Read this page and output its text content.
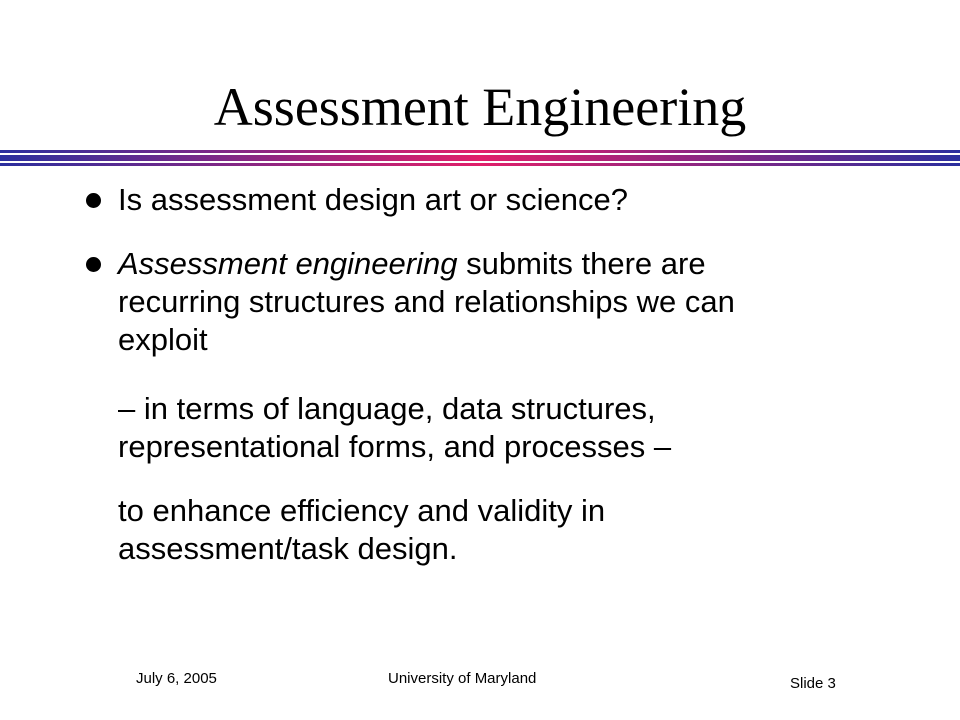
Assessment Engineering
Is assessment design art or science?
Assessment engineering submits there are
recurring structures and relationships we can
exploit
– in terms of language, data structures,
representational forms, and processes –
to enhance efficiency and validity in
assessment/task design.
July 6, 2005	University of Maryland	Slide 3
